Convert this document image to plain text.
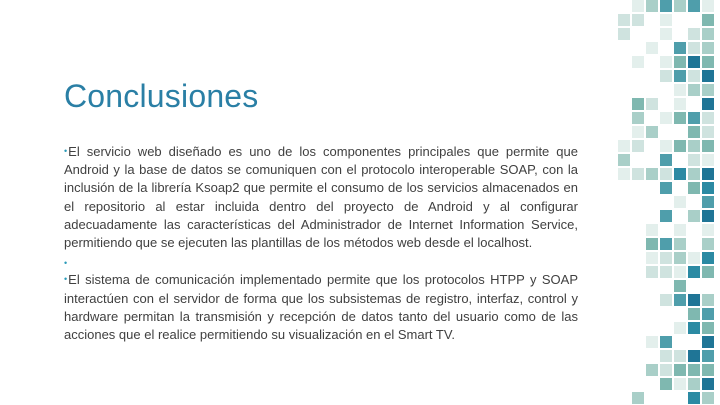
Conclusiones

•El servicio web diseñado es uno de los componentes principales que permite que Android y la base de datos se comuniquen con el protocolo interoperable SOAP, con la inclusión de la librería Ksoap2 que permite el consumo de los servicios almacenados en el repositorio al estar incluida dentro del proyecto de Android y al configurar adecuadamente las características del Administrador de Internet Information Service, permitiendo que se ejecuten las plantillas de los métodos web desde el localhost.

•

•El sistema de comunicación implementado permite que los protocolos HTPP y SOAP interactúen con el servidor de forma que los subsistemas de registro, interfaz, control y hardware permitan la transmisión y recepción de datos tanto del usuario como de las acciones que el realice permitiendo su visualización en el Smart TV.
